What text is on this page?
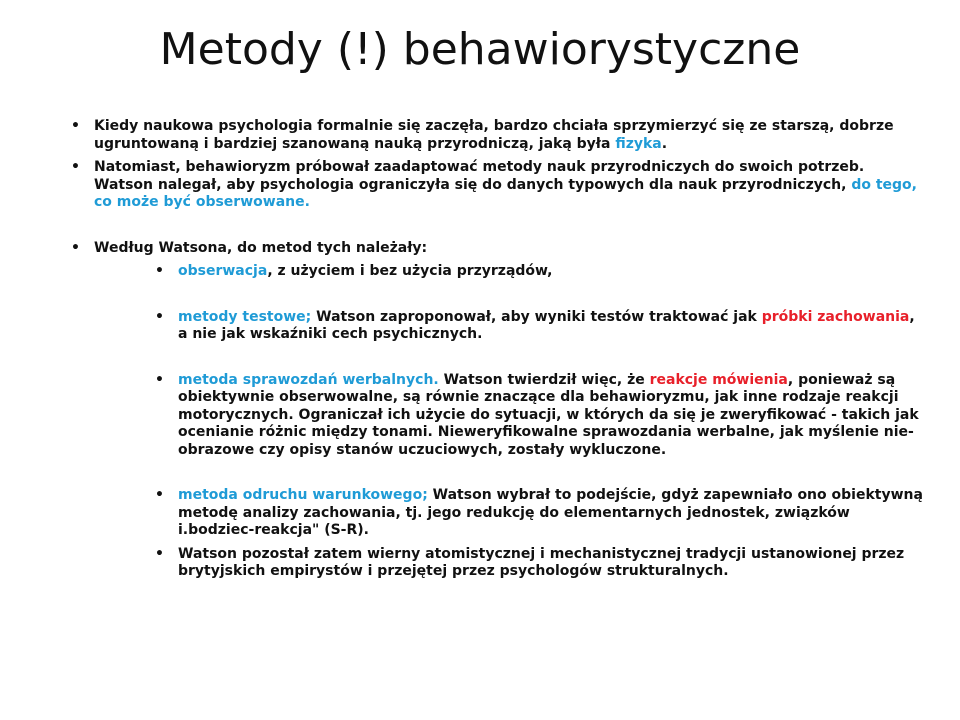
Metody (!) behawiorystyczne
• Kiedy naukowa psychologia formalnie się zaczęła, bardzo chciała sprzymierzyć się ze starszą, dobrze ugruntowaną i bardziej szanowaną nauką przyrodniczą, jaką była fizyka.
• Natomiast, behawioryzm próbował zaadaptować metody nauk przyrodniczych do swoich potrzeb. Watson nalegał, aby psychologia ograniczyła się do danych typowych dla nauk przyrodniczych, do tego, co może być obserwowane.
• Według Watsona, do metod tych należały:
• obserwacja, z użyciem i bez użycia przyrządów,
• metody testowe; Watson zaproponował, aby wyniki testów traktować jak próbki zachowania, a nie jak wskaźniki cech psychicznych.
• metoda sprawozdań werbalnych. Watson twierdził więc, że reakcje mówienia, ponieważ są obiektywnie obserwowalne, są równie znaczące dla behawioryzmu, jak inne rodzaje reakcji motorycznych. Ograniczał ich użycie do sytuacji, w których da się je zweryfikować - takich jak ocenianie różnic między tonami. Nieweryfikowalne sprawozdania werbalne, jak myślenie nie-obrazowe czy opisy stanów uczuciowych, zostały wykluczone.
• metoda odruchu warunkowego; Watson wybrał to podejście, gdyż zapewniało ono obiektywną metodę analizy zachowania, tj. jego redukcję do elementarnych jednostek, związków i.bodziec-reakcja" (S-R).
• Watson pozostał zatem wierny atomistycznej i mechanistycznej tradycji ustanowionej przez brytyjskich empirystów i przejętej przez psychologów strukturalnych.
